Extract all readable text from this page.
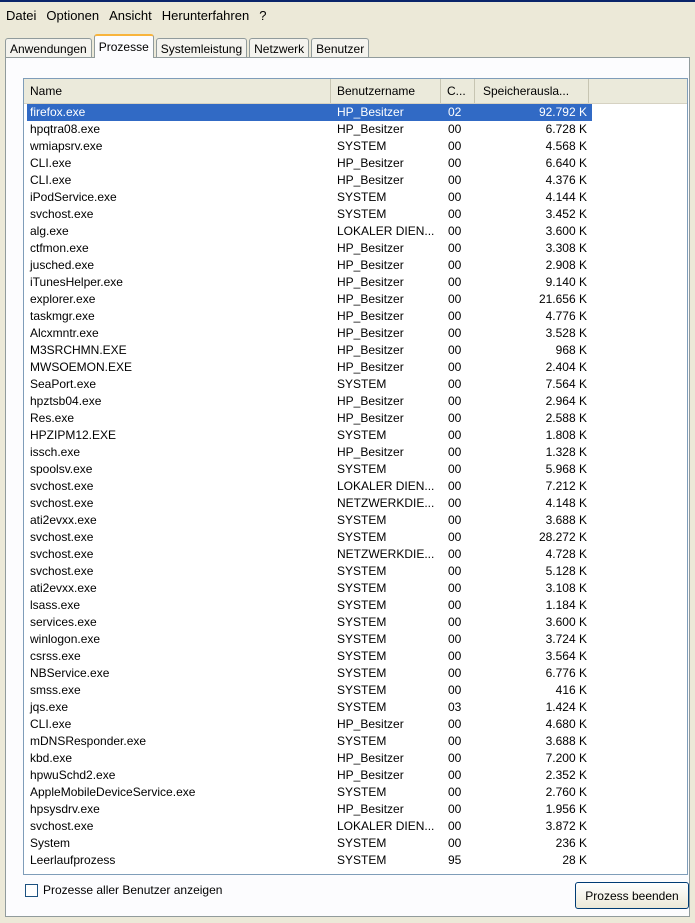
Datei Optionen Ansicht Herunterfahren ?
Anwendungen	Prozesse	Systemleistung	Netzwerk	Benutzer
Name	Benutzername	C...	Speicherausla...
firefox.exe	HP_Besitzer	02	92.792 K
hpqtra08.exe	HP_Besitzer	00	6.728 K
wmiapsrv.exe	SYSTEM	00	4.568 K
CLI.exe	HP_Besitzer	00	6.640 K
CLI.exe	HP_Besitzer	00	4.376 K
iPodService.exe	SYSTEM	00	4.144 K
svchost.exe	SYSTEM	00	3.452 K
alg.exe	LOKALER DIEN...	00	3.600 K
ctfmon.exe	HP_Besitzer	00	3.308 K
jusched.exe	HP_Besitzer	00	2.908 K
iTunesHelper.exe	HP_Besitzer	00	9.140 K
explorer.exe	HP_Besitzer	00	21.656 K
taskmgr.exe	HP_Besitzer	00	4.776 K
Alcxmntr.exe	HP_Besitzer	00	3.528 K
M3SRCHMN.EXE	HP_Besitzer	00	968 K
MWSOEMON.EXE	HP_Besitzer	00	2.404 K
SeaPort.exe	SYSTEM	00	7.564 K
hpztsb04.exe	HP_Besitzer	00	2.964 K
Res.exe	HP_Besitzer	00	2.588 K
HPZIPM12.EXE	SYSTEM	00	1.808 K
issch.exe	HP_Besitzer	00	1.328 K
spoolsv.exe	SYSTEM	00	5.968 K
svchost.exe	LOKALER DIEN...	00	7.212 K
svchost.exe	NETZWERKDIE...	00	4.148 K
ati2evxx.exe	SYSTEM	00	3.688 K
svchost.exe	SYSTEM	00	28.272 K
svchost.exe	NETZWERKDIE...	00	4.728 K
svchost.exe	SYSTEM	00	5.128 K
ati2evxx.exe	SYSTEM	00	3.108 K
lsass.exe	SYSTEM	00	1.184 K
services.exe	SYSTEM	00	3.600 K
winlogon.exe	SYSTEM	00	3.724 K
csrss.exe	SYSTEM	00	3.564 K
NBService.exe	SYSTEM	00	6.776 K
smss.exe	SYSTEM	00	416 K
jqs.exe	SYSTEM	03	1.424 K
CLI.exe	HP_Besitzer	00	4.680 K
mDNSResponder.exe	SYSTEM	00	3.688 K
kbd.exe	HP_Besitzer	00	7.200 K
hpwuSchd2.exe	HP_Besitzer	00	2.352 K
AppleMobileDeviceService.exe	SYSTEM	00	2.760 K
hpsysdrv.exe	HP_Besitzer	00	1.956 K
svchost.exe	LOKALER DIEN...	00	3.872 K
System	SYSTEM	00	236 K
Leerlaufprozess	SYSTEM	95	28 K
Prozesse aller Benutzer anzeigen	Prozess beenden
